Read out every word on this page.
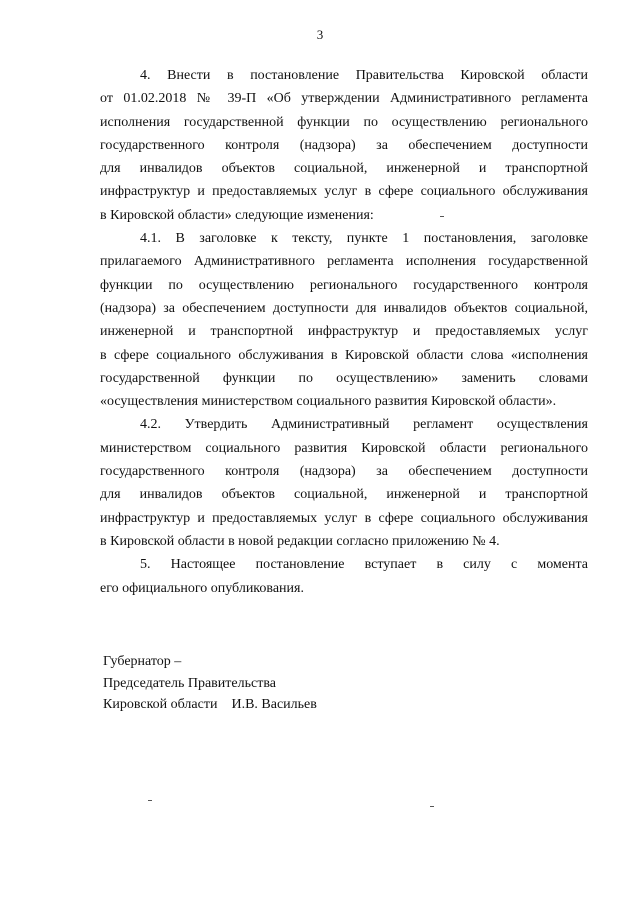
3
4. Внести в постановление Правительства Кировской области
от 01.02.2018 № 39-П «Об утверждении Административного регламента
исполнения государственной функции по осуществлению регионального
государственного контроля (надзора) за обеспечением доступности
для инвалидов объектов социальной, инженерной и транспортной
инфраструктур и предоставляемых услуг в сфере социального обслуживания
в Кировской области» следующие изменения:
4.1. В заголовке к тексту, пункте 1 постановления, заголовке
прилагаемого Административного регламента исполнения государственной
функции по осуществлению регионального государственного контроля
(надзора) за обеспечением доступности для инвалидов объектов социальной,
инженерной и транспортной инфраструктур и предоставляемых услуг
в сфере социального обслуживания в Кировской области слова «исполнения
государственной функции по осуществлению» заменить словами
«осуществления министерством социального развития Кировской области».
4.2. Утвердить Административный регламент осуществления
министерством социального развития Кировской области регионального
государственного контроля (надзора) за обеспечением доступности
для инвалидов объектов социальной, инженерной и транспортной
инфраструктур и предоставляемых услуг в сфере социального обслуживания
в Кировской области в новой редакции согласно приложению № 4.
5. Настоящее постановление вступает в силу с момента
его официального опубликования.
Губернатор –
Председатель Правительства
Кировской области И.В. Васильев
